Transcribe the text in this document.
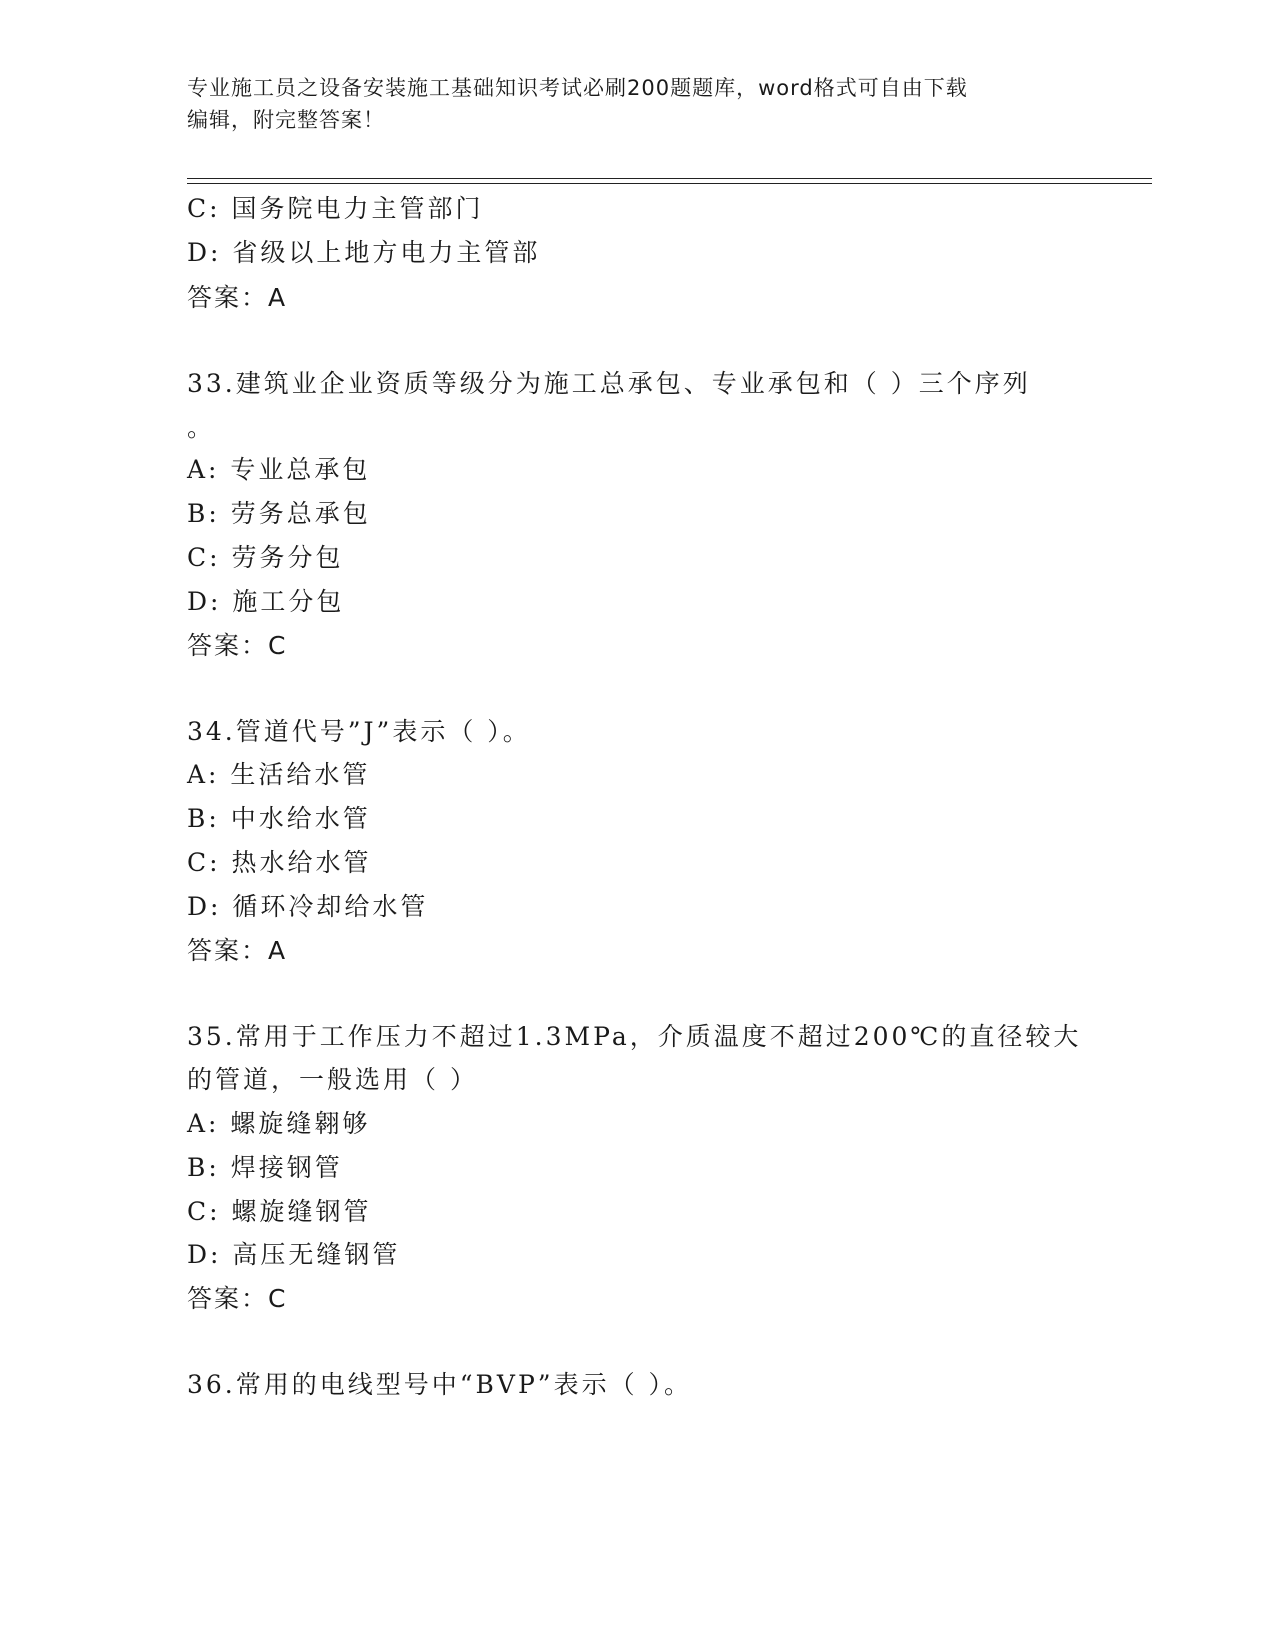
专业施工员之设备安装施工基础知识考试必刷200题题库，word格式可自由下载
编辑，附完整答案！
C: 国务院电力主管部门
D: 省级以上地方电力主管部
答案：A
33.建筑业企业资质等级分为施工总承包、专业承包和（ ）三个序列
。
A: 专业总承包
B: 劳务总承包
C: 劳务分包
D: 施工分包
答案：C
34.管道代号”J”表示（ ）。
A: 生活给水管
B: 中水给水管
C: 热水给水管
D: 循环冷却给水管
答案：A
35.常用于工作压力不超过1.3MPa，介质温度不超过200℃的直径较大
的管道，一般选用（ ）
A: 螺旋缝翱够
B: 焊接钢管
C: 螺旋缝钢管
D: 高压无缝钢管
答案：C
36.常用的电线型号中“BVP”表示（ ）。
